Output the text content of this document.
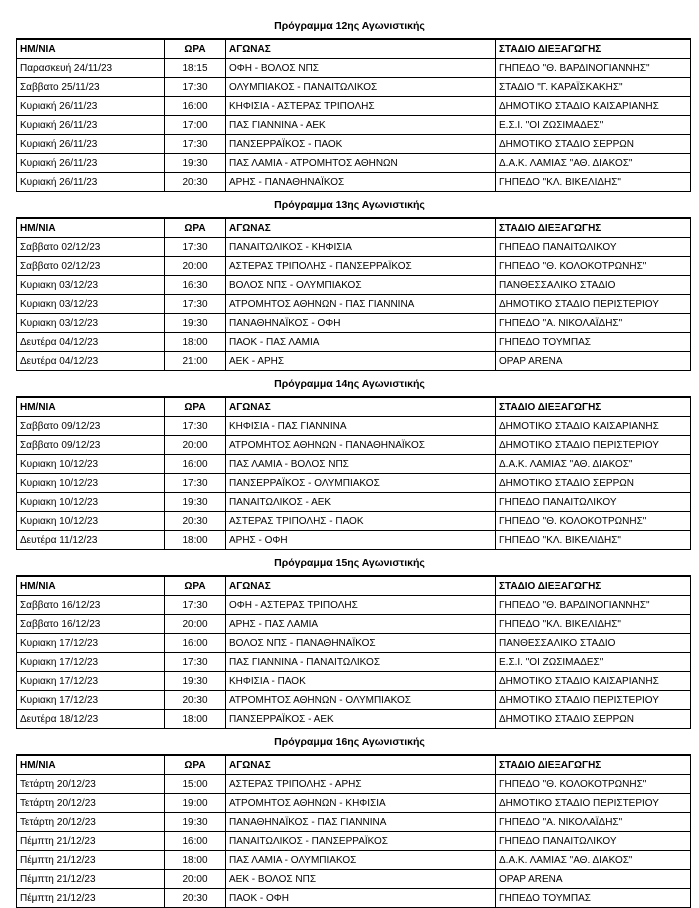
Πρόγραμμα 12ης Αγωνιστικής
ΗΜ/ΝΙΑ	ΩΡΑ	ΑΓΩΝΑΣ	ΣΤΑΔΙΟ ΔΙΕΞΑΓΩΓΗΣ
Παρασκευή 24/11/23	18:15	ΟΦΗ - ΒΟΛΟΣ ΝΠΣ	ΓΗΠΕΔΟ "Θ. ΒΑΡΔΙΝΟΓΙΑΝΝΗΣ"
Σαββατο 25/11/23	17:30	ΟΛΥΜΠΙΑΚΟΣ - ΠΑΝΑΙΤΩΛΙΚΟΣ	ΣΤΑΔΙΟ "Γ. ΚΑΡΑΪΣΚΑΚΗΣ"
Κυριακή 26/11/23	16:00	ΚΗΦΙΣΙΑ - ΑΣΤΕΡΑΣ ΤΡΙΠΟΛΗΣ	ΔΗΜΟΤΙΚΟ ΣΤΑΔΙΟ ΚΑΙΣΑΡΙΑΝΗΣ
Κυριακή 26/11/23	17:00	ΠΑΣ ΓΙΑΝΝΙΝΑ - ΑΕΚ	Ε.Σ.Ι. "ΟΙ ΖΩΣΙΜΑΔΕΣ"
Κυριακή 26/11/23	17:30	ΠΑΝΣΕΡΡΑΪΚΟΣ - ΠΑΟΚ	ΔΗΜΟΤΙΚΟ ΣΤΑΔΙΟ ΣΕΡΡΩΝ
Κυριακή 26/11/23	19:30	ΠΑΣ ΛΑΜΙΑ - ΑΤΡΟΜΗΤΟΣ ΑΘΗΝΩΝ	Δ.Α.Κ. ΛΑΜΙΑΣ "ΑΘ. ΔΙΑΚΟΣ"
Κυριακή 26/11/23	20:30	ΑΡΗΣ - ΠΑΝΑΘΗΝΑΪΚΟΣ	ΓΗΠΕΔΟ "ΚΛ. ΒΙΚΕΛΙΔΗΣ"
Πρόγραμμα 13ης Αγωνιστικής
ΗΜ/ΝΙΑ	ΩΡΑ	ΑΓΩΝΑΣ	ΣΤΑΔΙΟ ΔΙΕΞΑΓΩΓΗΣ
Σαββατο 02/12/23	17:30	ΠΑΝΑΙΤΩΛΙΚΟΣ - ΚΗΦΙΣΙΑ	ΓΗΠΕΔΟ ΠΑΝΑΙΤΩΛΙΚΟΥ
Σαββατο 02/12/23	20:00	ΑΣΤΕΡΑΣ ΤΡΙΠΟΛΗΣ - ΠΑΝΣΕΡΡΑΪΚΟΣ	ΓΗΠΕΔΟ "Θ. ΚΟΛΟΚΟΤΡΩΝΗΣ"
Κυριακη 03/12/23	16:30	ΒΟΛΟΣ ΝΠΣ - ΟΛΥΜΠΙΑΚΟΣ	ΠΑΝΘΕΣΣΑΛΙΚΟ ΣΤΑΔΙΟ
Κυριακη 03/12/23	17:30	ΑΤΡΟΜΗΤΟΣ ΑΘΗΝΩΝ - ΠΑΣ ΓΙΑΝΝΙΝΑ	ΔΗΜΟΤΙΚΟ ΣΤΑΔΙΟ ΠΕΡΙΣΤΕΡΙΟΥ
Κυριακη 03/12/23	19:30	ΠΑΝΑΘΗΝΑΪΚΟΣ - ΟΦΗ	ΓΗΠΕΔΟ "Α. ΝΙΚΟΛΑΪΔΗΣ"
Δευτέρα 04/12/23	18:00	ΠΑΟΚ - ΠΑΣ ΛΑΜΙΑ	ΓΗΠΕΔΟ ΤΟΥΜΠΑΣ
Δευτέρα 04/12/23	21:00	ΑΕΚ - ΑΡΗΣ	OPAP ARENA
Πρόγραμμα 14ης Αγωνιστικής
ΗΜ/ΝΙΑ	ΩΡΑ	ΑΓΩΝΑΣ	ΣΤΑΔΙΟ ΔΙΕΞΑΓΩΓΗΣ
Σαββατο 09/12/23	17:30	ΚΗΦΙΣΙΑ - ΠΑΣ ΓΙΑΝΝΙΝΑ	ΔΗΜΟΤΙΚΟ ΣΤΑΔΙΟ ΚΑΙΣΑΡΙΑΝΗΣ
Σαββατο 09/12/23	20:00	ΑΤΡΟΜΗΤΟΣ ΑΘΗΝΩΝ - ΠΑΝΑΘΗΝΑΪΚΟΣ	ΔΗΜΟΤΙΚΟ ΣΤΑΔΙΟ ΠΕΡΙΣΤΕΡΙΟΥ
Κυριακη 10/12/23	16:00	ΠΑΣ ΛΑΜΙΑ - ΒΟΛΟΣ ΝΠΣ	Δ.Α.Κ. ΛΑΜΙΑΣ "ΑΘ. ΔΙΑΚΟΣ"
Κυριακη 10/12/23	17:30	ΠΑΝΣΕΡΡΑΪΚΟΣ - ΟΛΥΜΠΙΑΚΟΣ	ΔΗΜΟΤΙΚΟ ΣΤΑΔΙΟ ΣΕΡΡΩΝ
Κυριακη 10/12/23	19:30	ΠΑΝΑΙΤΩΛΙΚΟΣ - ΑΕΚ	ΓΗΠΕΔΟ ΠΑΝΑΙΤΩΛΙΚΟΥ
Κυριακη 10/12/23	20:30	ΑΣΤΕΡΑΣ ΤΡΙΠΟΛΗΣ - ΠΑΟΚ	ΓΗΠΕΔΟ "Θ. ΚΟΛΟΚΟΤΡΩΝΗΣ"
Δευτέρα 11/12/23	18:00	ΑΡΗΣ - ΟΦΗ	ΓΗΠΕΔΟ "ΚΛ. ΒΙΚΕΛΙΔΗΣ"
Πρόγραμμα 15ης Αγωνιστικής
ΗΜ/ΝΙΑ	ΩΡΑ	ΑΓΩΝΑΣ	ΣΤΑΔΙΟ ΔΙΕΞΑΓΩΓΗΣ
Σαββατο 16/12/23	17:30	ΟΦΗ - ΑΣΤΕΡΑΣ ΤΡΙΠΟΛΗΣ	ΓΗΠΕΔΟ "Θ. ΒΑΡΔΙΝΟΓΙΑΝΝΗΣ"
Σαββατο 16/12/23	20:00	ΑΡΗΣ - ΠΑΣ ΛΑΜΙΑ	ΓΗΠΕΔΟ "ΚΛ. ΒΙΚΕΛΙΔΗΣ"
Κυριακη 17/12/23	16:00	ΒΟΛΟΣ ΝΠΣ - ΠΑΝΑΘΗΝΑΪΚΟΣ	ΠΑΝΘΕΣΣΑΛΙΚΟ ΣΤΑΔΙΟ
Κυριακη 17/12/23	17:30	ΠΑΣ ΓΙΑΝΝΙΝΑ - ΠΑΝΑΙΤΩΛΙΚΟΣ	Ε.Σ.Ι. "ΟΙ ΖΩΣΙΜΑΔΕΣ"
Κυριακη 17/12/23	19:30	ΚΗΦΙΣΙΑ - ΠΑΟΚ	ΔΗΜΟΤΙΚΟ ΣΤΑΔΙΟ ΚΑΙΣΑΡΙΑΝΗΣ
Κυριακη 17/12/23	20:30	ΑΤΡΟΜΗΤΟΣ ΑΘΗΝΩΝ - ΟΛΥΜΠΙΑΚΟΣ	ΔΗΜΟΤΙΚΟ ΣΤΑΔΙΟ ΠΕΡΙΣΤΕΡΙΟΥ
Δευτέρα 18/12/23	18:00	ΠΑΝΣΕΡΡΑΪΚΟΣ - ΑΕΚ	ΔΗΜΟΤΙΚΟ ΣΤΑΔΙΟ ΣΕΡΡΩΝ
Πρόγραμμα 16ης Αγωνιστικής
ΗΜ/ΝΙΑ	ΩΡΑ	ΑΓΩΝΑΣ	ΣΤΑΔΙΟ ΔΙΕΞΑΓΩΓΗΣ
Τετάρτη 20/12/23	15:00	ΑΣΤΕΡΑΣ ΤΡΙΠΟΛΗΣ - ΑΡΗΣ	ΓΗΠΕΔΟ "Θ. ΚΟΛΟΚΟΤΡΩΝΗΣ"
Τετάρτη 20/12/23	19:00	ΑΤΡΟΜΗΤΟΣ ΑΘΗΝΩΝ - ΚΗΦΙΣΙΑ	ΔΗΜΟΤΙΚΟ ΣΤΑΔΙΟ ΠΕΡΙΣΤΕΡΙΟΥ
Τετάρτη 20/12/23	19:30	ΠΑΝΑΘΗΝΑΪΚΟΣ - ΠΑΣ ΓΙΑΝΝΙΝΑ	ΓΗΠΕΔΟ "Α. ΝΙΚΟΛΑΪΔΗΣ"
Πέμπτη 21/12/23	16:00	ΠΑΝΑΙΤΩΛΙΚΟΣ - ΠΑΝΣΕΡΡΑΪΚΟΣ	ΓΗΠΕΔΟ ΠΑΝΑΙΤΩΛΙΚΟΥ
Πέμπτη 21/12/23	18:00	ΠΑΣ ΛΑΜΙΑ - ΟΛΥΜΠΙΑΚΟΣ	Δ.Α.Κ. ΛΑΜΙΑΣ "ΑΘ. ΔΙΑΚΟΣ"
Πέμπτη 21/12/23	20:00	ΑΕΚ - ΒΟΛΟΣ ΝΠΣ	OPAP ARENA
Πέμπτη 21/12/23	20:30	ΠΑΟΚ - ΟΦΗ	ΓΗΠΕΔΟ ΤΟΥΜΠΑΣ
